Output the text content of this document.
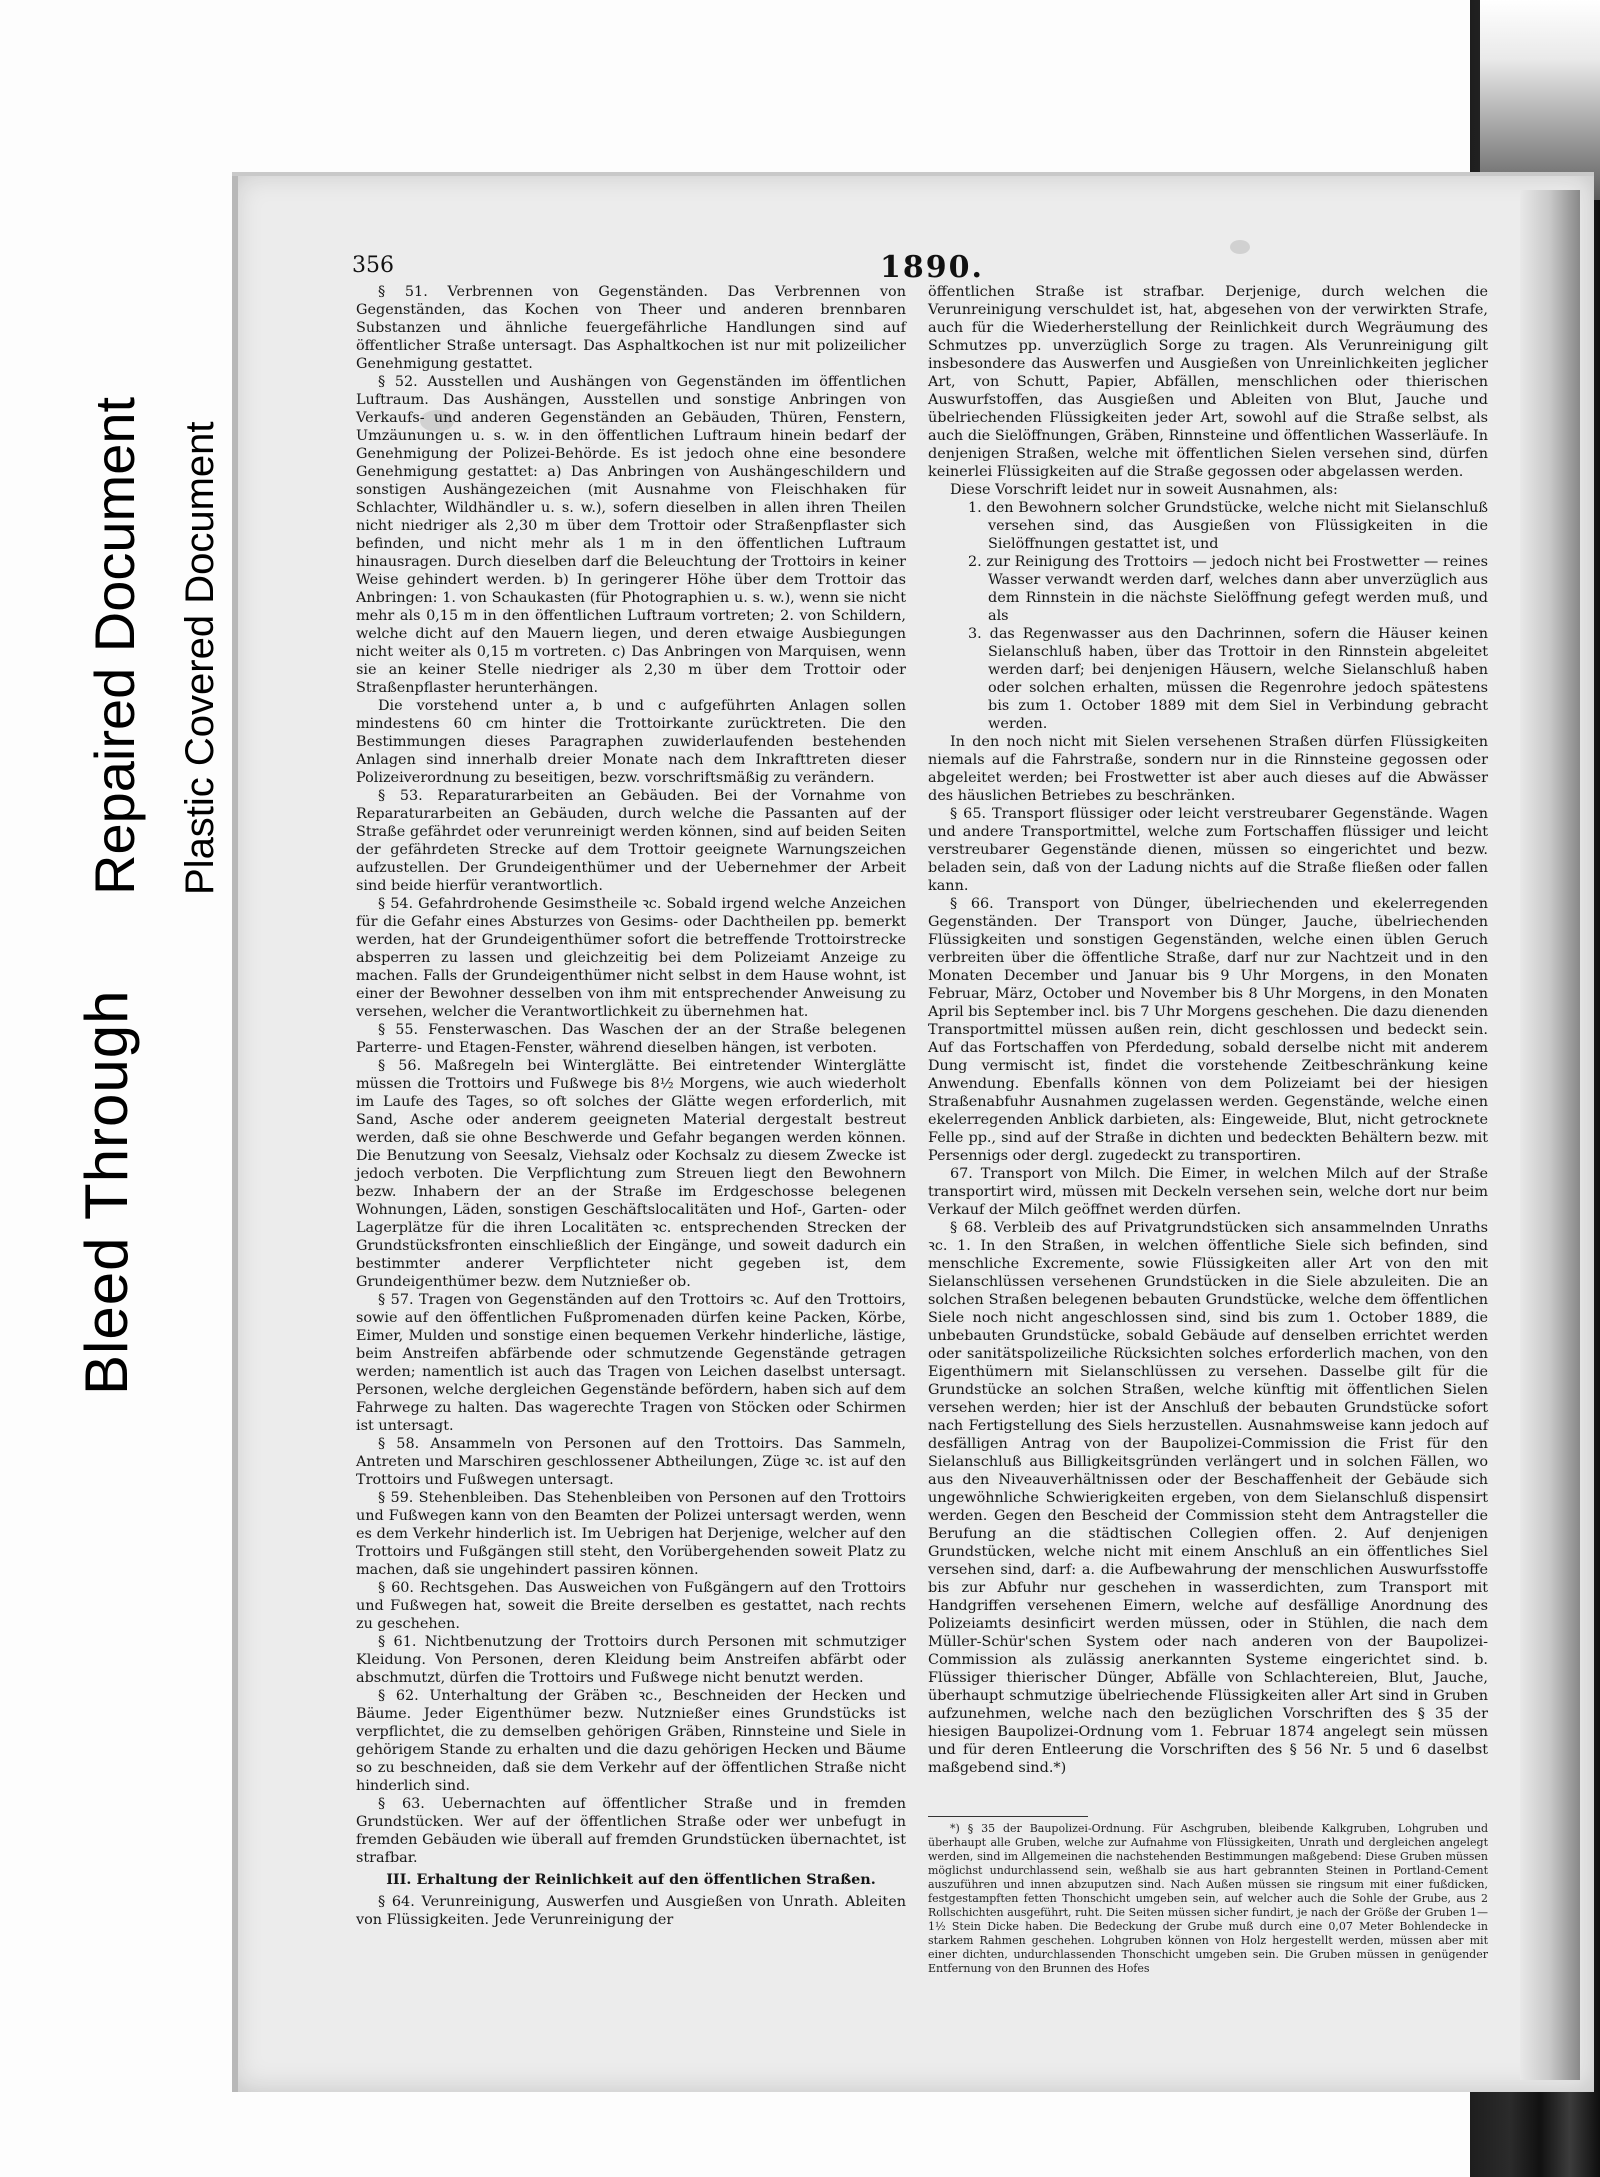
Bleed Through
Repaired Document Plastic Covered Document
356	1890.

§ 51. Verbrennen von Gegenständen. Das Verbrennen von Gegenständen, das Kochen von Theer und anderen brennbaren Substanzen und ähnliche feuergefährliche Handlungen sind auf öffentlicher Straße untersagt. Das Asphaltkochen ist nur mit polizeilicher Genehmigung gestattet.

§ 52. Ausstellen und Aushängen von Gegenständen im öffentlichen Luftraum. Das Aushängen, Ausstellen und sonstige Anbringen von Verkaufs- und anderen Gegenständen an Gebäuden, Thüren, Fenstern, Umzäunungen u. s. w. in den öffentlichen Luftraum hinein bedarf der Genehmigung der Polizei-Behörde. Es ist jedoch ohne eine besondere Genehmigung gestattet: a) Das Anbringen von Aushängeschildern und sonstigen Aushängezeichen (mit Ausnahme von Fleischhaken für Schlachter, Wildhändler u. s. w.), sofern dieselben in allen ihren Theilen nicht niedriger als 2,30 m über dem Trottoir oder Straßenpflaster sich befinden, und nicht mehr als 1 m in den öffentlichen Luftraum hinausragen. Durch dieselben darf die Beleuchtung der Trottoirs in keiner Weise gehindert werden. b) In geringerer Höhe über dem Trottoir das Anbringen: 1. von Schaukasten (für Photographien u. s. w.), wenn sie nicht mehr als 0,15 m in den öffentlichen Luftraum vortreten; 2. von Schildern, welche dicht auf den Mauern liegen, und deren etwaige Ausbiegungen nicht weiter als 0,15 m vortreten. c) Das Anbringen von Marquisen, wenn sie an keiner Stelle niedriger als 2,30 m über dem Trottoir oder Straßenpflaster herunterhängen.

Die vorstehend unter a, b und c aufgeführten Anlagen sollen mindestens 60 cm hinter die Trottoirkante zurücktreten. Die den Bestimmungen dieses Paragraphen zuwiderlaufenden bestehenden Anlagen sind innerhalb dreier Monate nach dem Inkrafttreten dieser Polizeiverordnung zu beseitigen, bezw. vorschriftsmäßig zu verändern.

§ 53. Reparaturarbeiten an Gebäuden. Bei der Vornahme von Reparaturarbeiten an Gebäuden, durch welche die Passanten auf der Straße gefährdet oder verunreinigt werden können, sind auf beiden Seiten der gefährdeten Strecke auf dem Trottoir geeignete Warnungszeichen aufzustellen. Der Grundeigenthümer und der Uebernehmer der Arbeit sind beide hierfür verantwortlich.

§ 54. Gefahrdrohende Gesimstheile ꝛc. Sobald irgend welche Anzeichen für die Gefahr eines Absturzes von Gesims- oder Dachtheilen pp. bemerkt werden, hat der Grundeigenthümer sofort die betreffende Trottoirstrecke absperren zu lassen und gleichzeitig bei dem Polizeiamt Anzeige zu machen. Falls der Grundeigenthümer nicht selbst in dem Hause wohnt, ist einer der Bewohner desselben von ihm mit entsprechender Anweisung zu versehen, welcher die Verantwortlichkeit zu übernehmen hat.

§ 55. Fensterwaschen. Das Waschen der an der Straße belegenen Parterre- und Etagen-Fenster, während dieselben hängen, ist verboten.

§ 56. Maßregeln bei Winterglätte. Bei eintretender Winterglätte müssen die Trottoirs und Fußwege bis 8½ Morgens, wie auch wiederholt im Laufe des Tages, so oft solches der Glätte wegen erforderlich, mit Sand, Asche oder anderem geeigneten Material dergestalt bestreut werden, daß sie ohne Beschwerde und Gefahr begangen werden können. Die Benutzung von Seesalz, Viehsalz oder Kochsalz zu diesem Zwecke ist jedoch verboten. Die Verpflichtung zum Streuen liegt den Bewohnern bezw. Inhabern der an der Straße im Erdgeschosse belegenen Wohnungen, Läden, sonstigen Geschäftslocalitäten und Hof-, Garten- oder Lagerplätze für die ihren Localitäten ꝛc. entsprechenden Strecken der Grundstücksfronten einschließlich der Eingänge, und soweit dadurch ein bestimmter anderer Verpflichteter nicht gegeben ist, dem Grundeigenthümer bezw. dem Nutznießer ob.

§ 57. Tragen von Gegenständen auf den Trottoirs ꝛc. Auf den Trottoirs, sowie auf den öffentlichen Fußpromenaden dürfen keine Packen, Körbe, Eimer, Mulden und sonstige einen bequemen Verkehr hinderliche, lästige, beim Anstreifen abfärbende oder schmutzende Gegenstände getragen werden; namentlich ist auch das Tragen von Leichen daselbst untersagt. Personen, welche dergleichen Gegenstände befördern, haben sich auf dem Fahrwege zu halten. Das wagerechte Tragen von Stöcken oder Schirmen ist untersagt.

§ 58. Ansammeln von Personen auf den Trottoirs. Das Sammeln, Antreten und Marschiren geschlossener Abtheilungen, Züge ꝛc. ist auf den Trottoirs und Fußwegen untersagt.

§ 59. Stehenbleiben. Das Stehenbleiben von Personen auf den Trottoirs und Fußwegen kann von den Beamten der Polizei untersagt werden, wenn es dem Verkehr hinderlich ist. Im Uebrigen hat Derjenige, welcher auf den Trottoirs und Fußgängen still steht, den Vorübergehenden soweit Platz zu machen, daß sie ungehindert passiren können.

§ 60. Rechtsgehen. Das Ausweichen von Fußgängern auf den Trottoirs und Fußwegen hat, soweit die Breite derselben es gestattet, nach rechts zu geschehen.

§ 61. Nichtbenutzung der Trottoirs durch Personen mit schmutziger Kleidung. Von Personen, deren Kleidung beim Anstreifen abfärbt oder abschmutzt, dürfen die Trottoirs und Fußwege nicht benutzt werden.

§ 62. Unterhaltung der Gräben ꝛc., Beschneiden der Hecken und Bäume. Jeder Eigenthümer bezw. Nutznießer eines Grundstücks ist verpflichtet, die zu demselben gehörigen Gräben, Rinnsteine und Siele in gehörigem Stande zu erhalten und die dazu gehörigen Hecken und Bäume so zu beschneiden, daß sie dem Verkehr auf der öffentlichen Straße nicht hinderlich sind.

§ 63. Uebernachten auf öffentlicher Straße und in fremden Grundstücken. Wer auf der öffentlichen Straße oder wer unbefugt in fremden Gebäuden wie überall auf fremden Grundstücken übernachtet, ist strafbar.

III. Erhaltung der Reinlichkeit auf den öffentlichen Straßen.

§ 64. Verunreinigung, Auswerfen und Ausgießen von Unrath. Ableiten von Flüssigkeiten. Jede Verunreinigung der

öffentlichen Straße ist strafbar. Derjenige, durch welchen die Verunreinigung verschuldet ist, hat, abgesehen von der verwirkten Strafe, auch für die Wiederherstellung der Reinlichkeit durch Wegräumung des Schmutzes pp. unverzüglich Sorge zu tragen. Als Verunreinigung gilt insbesondere das Auswerfen und Ausgießen von Unreinlichkeiten jeglicher Art, von Schutt, Papier, Abfällen, menschlichen oder thierischen Auswurfstoffen, das Ausgießen und Ableiten von Blut, Jauche und übelriechenden Flüssigkeiten jeder Art, sowohl auf die Straße selbst, als auch die Sielöffnungen, Gräben, Rinnsteine und öffentlichen Wasserläufe. In denjenigen Straßen, welche mit öffentlichen Sielen versehen sind, dürfen keinerlei Flüssigkeiten auf die Straße gegossen oder abgelassen werden.

Diese Vorschrift leidet nur in soweit Ausnahmen, als:

1. den Bewohnern solcher Grundstücke, welche nicht mit Sielanschluß versehen sind, das Ausgießen von Flüssigkeiten in die Sielöffnungen gestattet ist, und
2. zur Reinigung des Trottoirs — jedoch nicht bei Frostwetter — reines Wasser verwandt werden darf, welches dann aber unverzüglich aus dem Rinnstein in die nächste Sielöffnung gefegt werden muß, und als
3. das Regenwasser aus den Dachrinnen, sofern die Häuser keinen Sielanschluß haben, über das Trottoir in den Rinnstein abgeleitet werden darf; bei denjenigen Häusern, welche Sielanschluß haben oder solchen erhalten, müssen die Regenrohre jedoch spätestens bis zum 1. October 1889 mit dem Siel in Verbindung gebracht werden.

In den noch nicht mit Sielen versehenen Straßen dürfen Flüssigkeiten niemals auf die Fahrstraße, sondern nur in die Rinnsteine gegossen oder abgeleitet werden; bei Frostwetter ist aber auch dieses auf die Abwässer des häuslichen Betriebes zu beschränken.

§ 65. Transport flüssiger oder leicht verstreubarer Gegenstände. Wagen und andere Transportmittel, welche zum Fortschaffen flüssiger und leicht verstreubarer Gegenstände dienen, müssen so eingerichtet und bezw. beladen sein, daß von der Ladung nichts auf die Straße fließen oder fallen kann.

§ 66. Transport von Dünger, übelriechenden und ekelerregenden Gegenständen. Der Transport von Dünger, Jauche, übelriechenden Flüssigkeiten und sonstigen Gegenständen, welche einen üblen Geruch verbreiten über die öffentliche Straße, darf nur zur Nachtzeit und in den Monaten December und Januar bis 9 Uhr Morgens, in den Monaten Februar, März, October und November bis 8 Uhr Morgens, in den Monaten April bis September incl. bis 7 Uhr Morgens geschehen. Die dazu dienenden Transportmittel müssen außen rein, dicht geschlossen und bedeckt sein. Auf das Fortschaffen von Pferdedung, sobald derselbe nicht mit anderem Dung vermischt ist, findet die vorstehende Zeitbeschränkung keine Anwendung. Ebenfalls können von dem Polizeiamt bei der hiesigen Straßenabfuhr Ausnahmen zugelassen werden. Gegenstände, welche einen ekelerregenden Anblick darbieten, als: Eingeweide, Blut, nicht getrocknete Felle pp., sind auf der Straße in dichten und bedeckten Behältern bezw. mit Persennigs oder dergl. zugedeckt zu transportiren.

67. Transport von Milch. Die Eimer, in welchen Milch auf der Straße transportirt wird, müssen mit Deckeln versehen sein, welche dort nur beim Verkauf der Milch geöffnet werden dürfen.

§ 68. Verbleib des auf Privatgrundstücken sich ansammelnden Unraths ꝛc. 1. In den Straßen, in welchen öffentliche Siele sich befinden, sind menschliche Excremente, sowie Flüssigkeiten aller Art von den mit Sielanschlüssen versehenen Grundstücken in die Siele abzuleiten. Die an solchen Straßen belegenen bebauten Grundstücke, welche dem öffentlichen Siele noch nicht angeschlossen sind, sind bis zum 1. October 1889, die unbebauten Grundstücke, sobald Gebäude auf denselben errichtet werden oder sanitätspolizeiliche Rücksichten solches erforderlich machen, von den Eigenthümern mit Sielanschlüssen zu versehen. Dasselbe gilt für die Grundstücke an solchen Straßen, welche künftig mit öffentlichen Sielen versehen werden; hier ist der Anschluß der bebauten Grundstücke sofort nach Fertigstellung des Siels herzustellen. Ausnahmsweise kann jedoch auf desfälligen Antrag von der Baupolizei-Commission die Frist für den Sielanschluß aus Billigkeitsgründen verlängert und in solchen Fällen, wo aus den Niveauverhältnissen oder der Beschaffenheit der Gebäude sich ungewöhnliche Schwierigkeiten ergeben, von dem Sielanschluß dispensirt werden. Gegen den Bescheid der Commission steht dem Antragsteller die Berufung an die städtischen Collegien offen. 2. Auf denjenigen Grundstücken, welche nicht mit einem Anschluß an ein öffentliches Siel versehen sind, darf: a. die Aufbewahrung der menschlichen Auswurfsstoffe bis zur Abfuhr nur geschehen in wasserdichten, zum Transport mit Handgriffen versehenen Eimern, welche auf desfällige Anordnung des Polizeiamts desinficirt werden müssen, oder in Stühlen, die nach dem Müller-Schür'schen System oder nach anderen von der Baupolizei-Commission als zulässig anerkannten Systeme eingerichtet sind. b. Flüssiger thierischer Dünger, Abfälle von Schlachtereien, Blut, Jauche, überhaupt schmutzige übelriechende Flüssigkeiten aller Art sind in Gruben aufzunehmen, welche nach den bezüglichen Vorschriften des § 35 der hiesigen Baupolizei-Ordnung vom 1. Februar 1874 angelegt sein müssen und für deren Entleerung die Vorschriften des § 56 Nr. 5 und 6 daselbst maßgebend sind.*)

*) § 35 der Baupolizei-Ordnung. Für Aschgruben, bleibende Kalkgruben, Lohgruben und überhaupt alle Gruben, welche zur Aufnahme von Flüssigkeiten, Unrath und dergleichen angelegt werden, sind im Allgemeinen die nachstehenden Bestimmungen maßgebend: Diese Gruben müssen möglichst undurchlassend sein, weßhalb sie aus hart gebrannten Steinen in Portland-Cement auszuführen und innen abzuputzen sind. Nach Außen müssen sie ringsum mit einer fußdicken, festgestampften fetten Thonschicht umgeben sein, auf welcher auch die Sohle der Grube, aus 2 Rollschichten ausgeführt, ruht. Die Seiten müssen sicher fundirt, je nach der Größe der Gruben 1—1½ Stein Dicke haben. Die Bedeckung der Grube muß durch eine 0,07 Meter Bohlendecke in starkem Rahmen geschehen. Lohgruben können von Holz hergestellt werden, müssen aber mit einer dichten, undurchlassenden Thonschicht umgeben sein. Die Gruben müssen in genügender Entfernung von den Brunnen des Hofes
